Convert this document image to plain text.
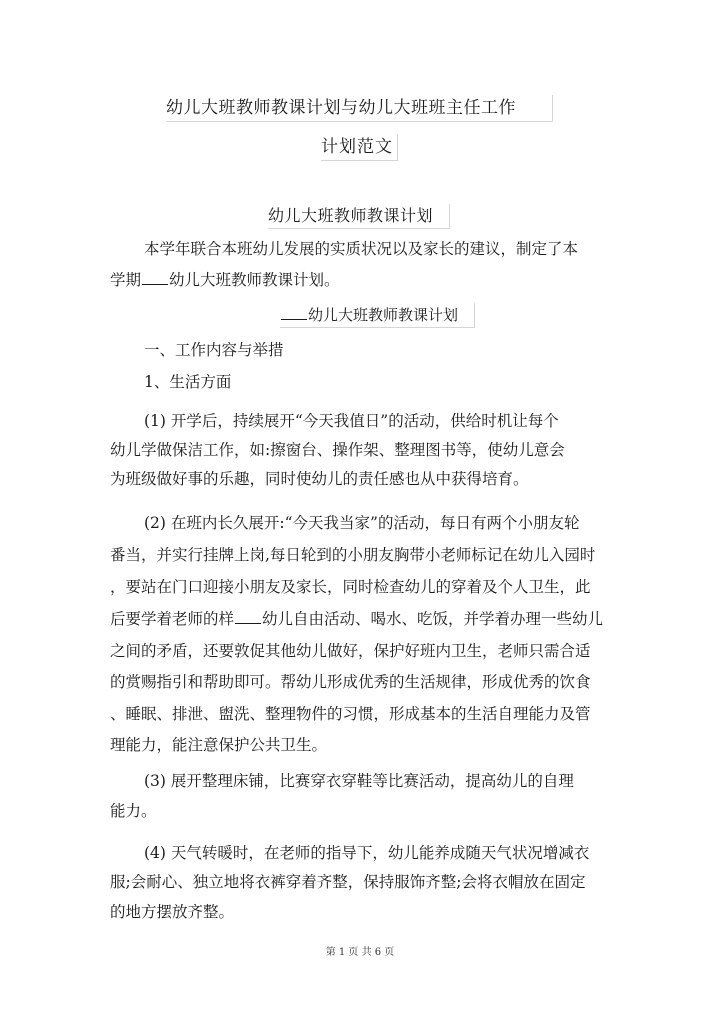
幼儿大班教师教课计划与幼儿大班班主任工作
计划范文
幼儿大班教师教课计划
本学年联合本班幼儿发展的实质状况以及家长的建议，制定了本
学期 幼儿大班教师教课计划。
幼儿大班教师教课计划
一、工作内容与举措
1、生活方面
(1) 开学后，持续展开“今天我值日”的活动，供给时机让每个
幼儿学做保洁工作，如:擦窗台、操作架、整理图书等，使幼儿意会
为班级做好事的乐趣，同时使幼儿的责任感也从中获得培育。
(2) 在班内长久展开:“今天我当家”的活动，每日有两个小朋友轮
番当，并实行挂牌上岗,每日轮到的小朋友胸带小老师标记在幼儿入园时
，要站在门口迎接小朋友及家长，同时检查幼儿的穿着及个人卫生，此
后要学着老师的样 幼儿自由活动、喝水、吃饭，并学着办理一些幼儿
之间的矛盾，还要敦促其他幼儿做好，保护好班内卫生，老师只需合适
的赏赐指引和帮助即可。帮幼儿形成优秀的生活规律，形成优秀的饮食
、睡眠、排泄、盥洗、整理物件的习惯，形成基本的生活自理能力及管
理能力，能注意保护公共卫生。
(3) 展开整理床铺，比赛穿衣穿鞋等比赛活动，提高幼儿的自理
能力。
(4) 天气转暖时，在老师的指导下，幼儿能养成随天气状况增减衣
服;会耐心、独立地将衣裤穿着齐整，保持服饰齐整;会将衣帽放在固定
的地方摆放齐整。
第 1 页 共 6 页
